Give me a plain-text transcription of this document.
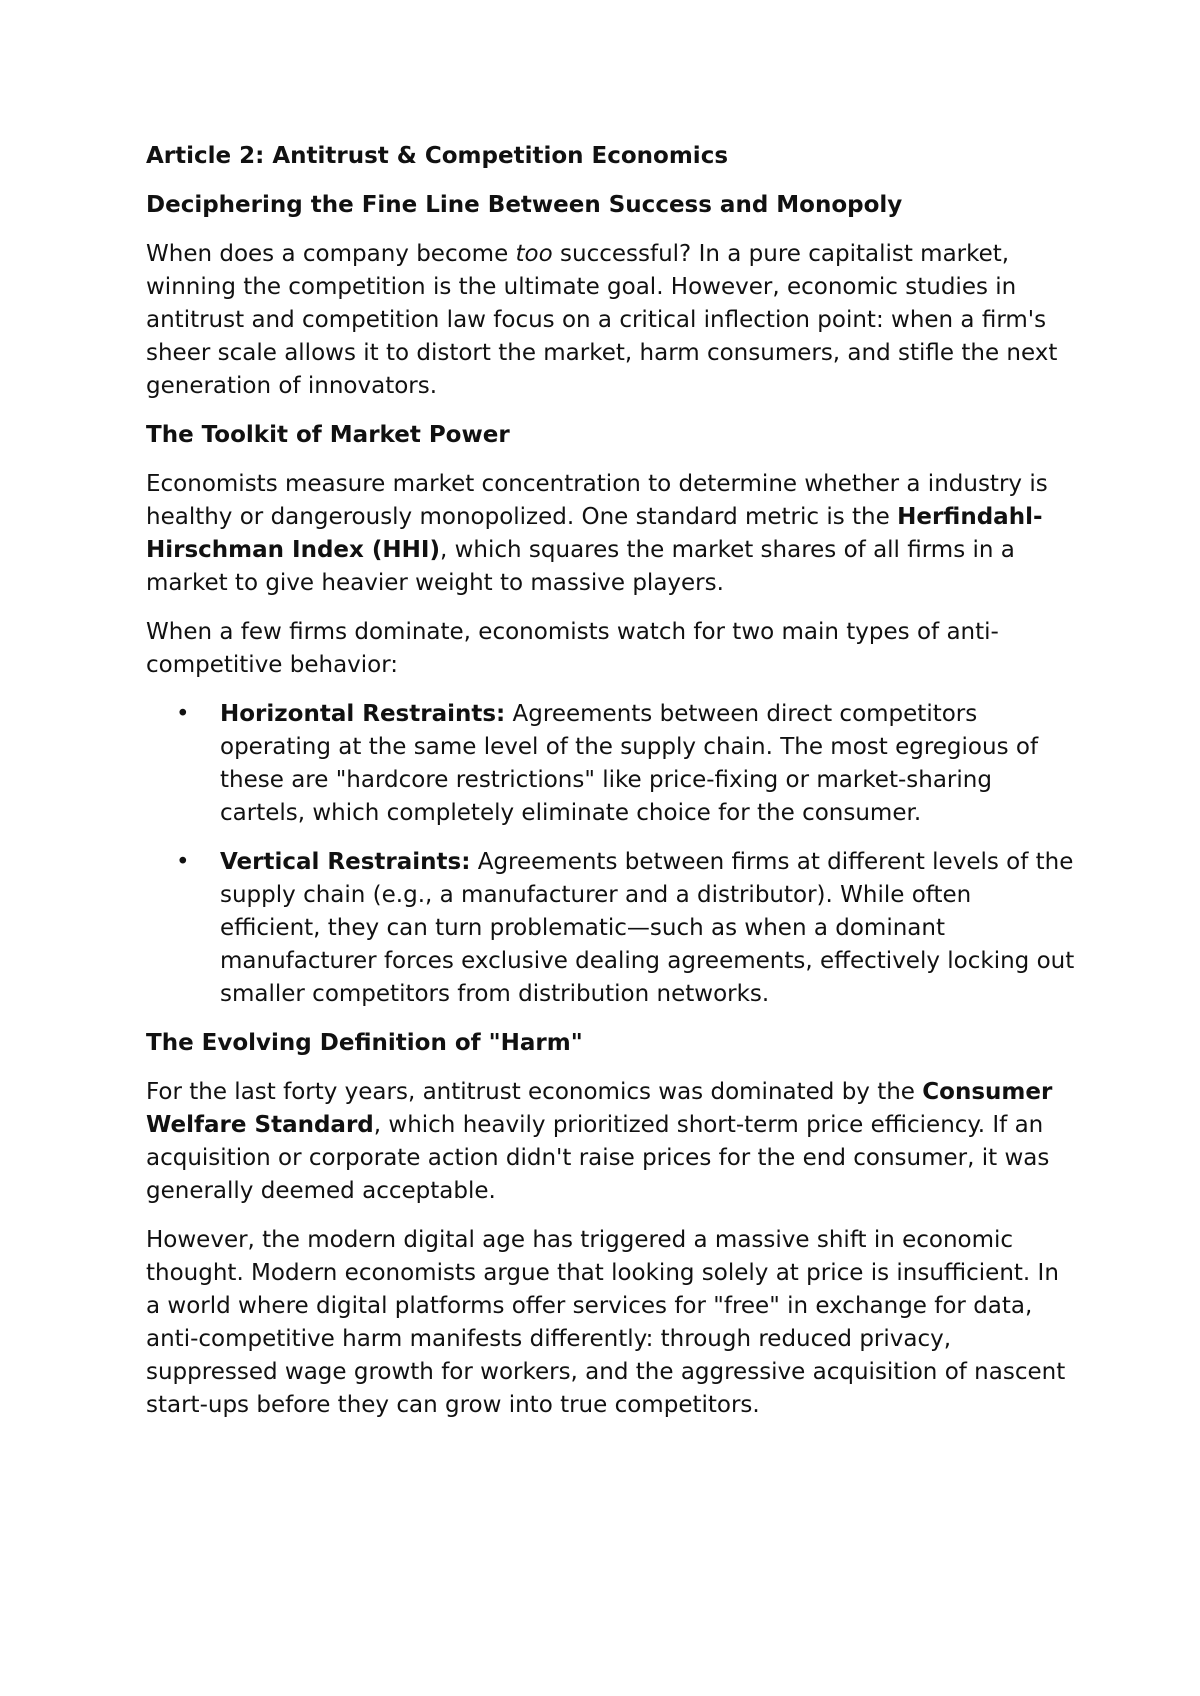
Article 2: Antitrust & Competition Economics
Deciphering the Fine Line Between Success and Monopoly

When does a company become too successful? In a pure capitalist market, winning the competition is the ultimate goal. However, economic studies in antitrust and competition law focus on a critical inflection point: when a firm's sheer scale allows it to distort the market, harm consumers, and stifle the next generation of innovators.

The Toolkit of Market Power

Economists measure market concentration to determine whether a industry is healthy or dangerously monopolized. One standard metric is the Herfindahl-Hirschman Index (HHI), which squares the market shares of all firms in a market to give heavier weight to massive players.

When a few firms dominate, economists watch for two main types of anti-competitive behavior:

• Horizontal Restraints: Agreements between direct competitors operating at the same level of the supply chain. The most egregious of these are "hardcore restrictions" like price-fixing or market-sharing cartels, which completely eliminate choice for the consumer.
• Vertical Restraints: Agreements between firms at different levels of the supply chain (e.g., a manufacturer and a distributor). While often efficient, they can turn problematic—such as when a dominant manufacturer forces exclusive dealing agreements, effectively locking out smaller competitors from distribution networks.
The Evolving Definition of "Harm"

For the last forty years, antitrust economics was dominated by the Consumer Welfare Standard, which heavily prioritized short-term price efficiency. If an acquisition or corporate action didn't raise prices for the end consumer, it was generally deemed acceptable.

However, the modern digital age has triggered a massive shift in economic thought. Modern economists argue that looking solely at price is insufficient. In a world where digital platforms offer services for "free" in exchange for data, anti-competitive harm manifests differently: through reduced privacy, suppressed wage growth for workers, and the aggressive acquisition of nascent start-ups before they can grow into true competitors.
